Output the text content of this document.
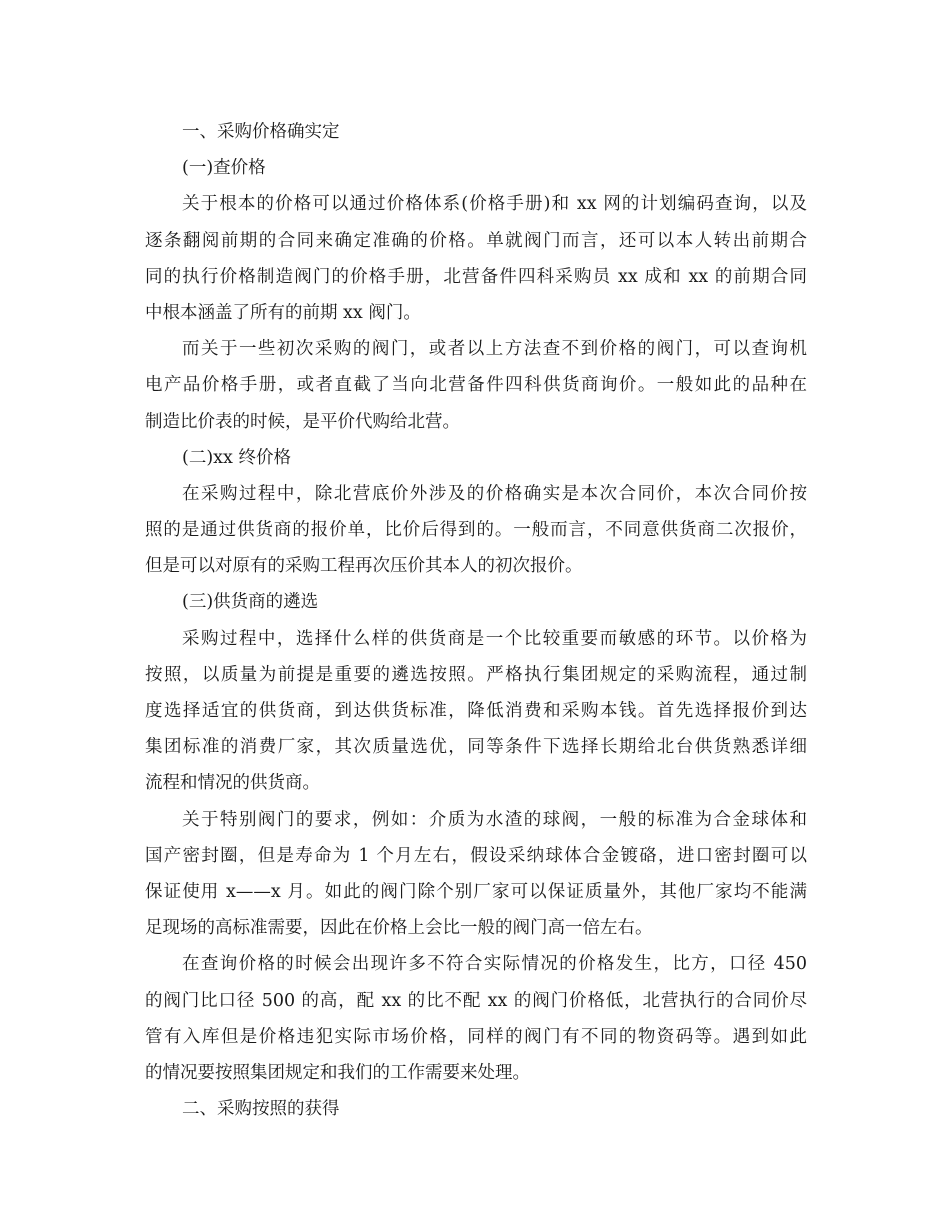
一、采购价格确实定
(一)查价格
关于根本的价格可以通过价格体系(价格手册)和 xx 网的计划编码查询，以及
逐条翻阅前期的合同来确定准确的价格。单就阀门而言，还可以本人转出前期合
同的执行价格制造阀门的价格手册，北营备件四科采购员 xx 成和 xx 的前期合同
中根本涵盖了所有的前期 xx 阀门。
而关于一些初次采购的阀门，或者以上方法查不到价格的阀门，可以查询机
电产品价格手册，或者直截了当向北营备件四科供货商询价。一般如此的品种在
制造比价表的时候，是平价代购给北营。
(二)xx 终价格
在采购过程中，除北营底价外涉及的价格确实是本次合同价，本次合同价按
照的是通过供货商的报价单，比价后得到的。一般而言，不同意供货商二次报价，
但是可以对原有的采购工程再次压价其本人的初次报价。
(三)供货商的遴选
采购过程中，选择什么样的供货商是一个比较重要而敏感的环节。以价格为
按照，以质量为前提是重要的遴选按照。严格执行集团规定的采购流程，通过制
度选择适宜的供货商，到达供货标准，降低消费和采购本钱。首先选择报价到达
集团标准的消费厂家，其次质量选优，同等条件下选择长期给北台供货熟悉详细
流程和情况的供货商。
关于特别阀门的要求，例如：介质为水渣的球阀，一般的标准为合金球体和
国产密封圈，但是寿命为 1 个月左右，假设采纳球体合金镀硌，进口密封圈可以
保证使用 x——x 月。如此的阀门除个别厂家可以保证质量外，其他厂家均不能满
足现场的高标准需要，因此在价格上会比一般的阀门高一倍左右。
在查询价格的时候会出现许多不符合实际情况的价格发生，比方，口径 450
的阀门比口径 500 的高，配 xx 的比不配 xx 的阀门价格低，北营执行的合同价尽
管有入库但是价格违犯实际市场价格，同样的阀门有不同的物资码等。遇到如此
的情况要按照集团规定和我们的工作需要来处理。
二、采购按照的获得
